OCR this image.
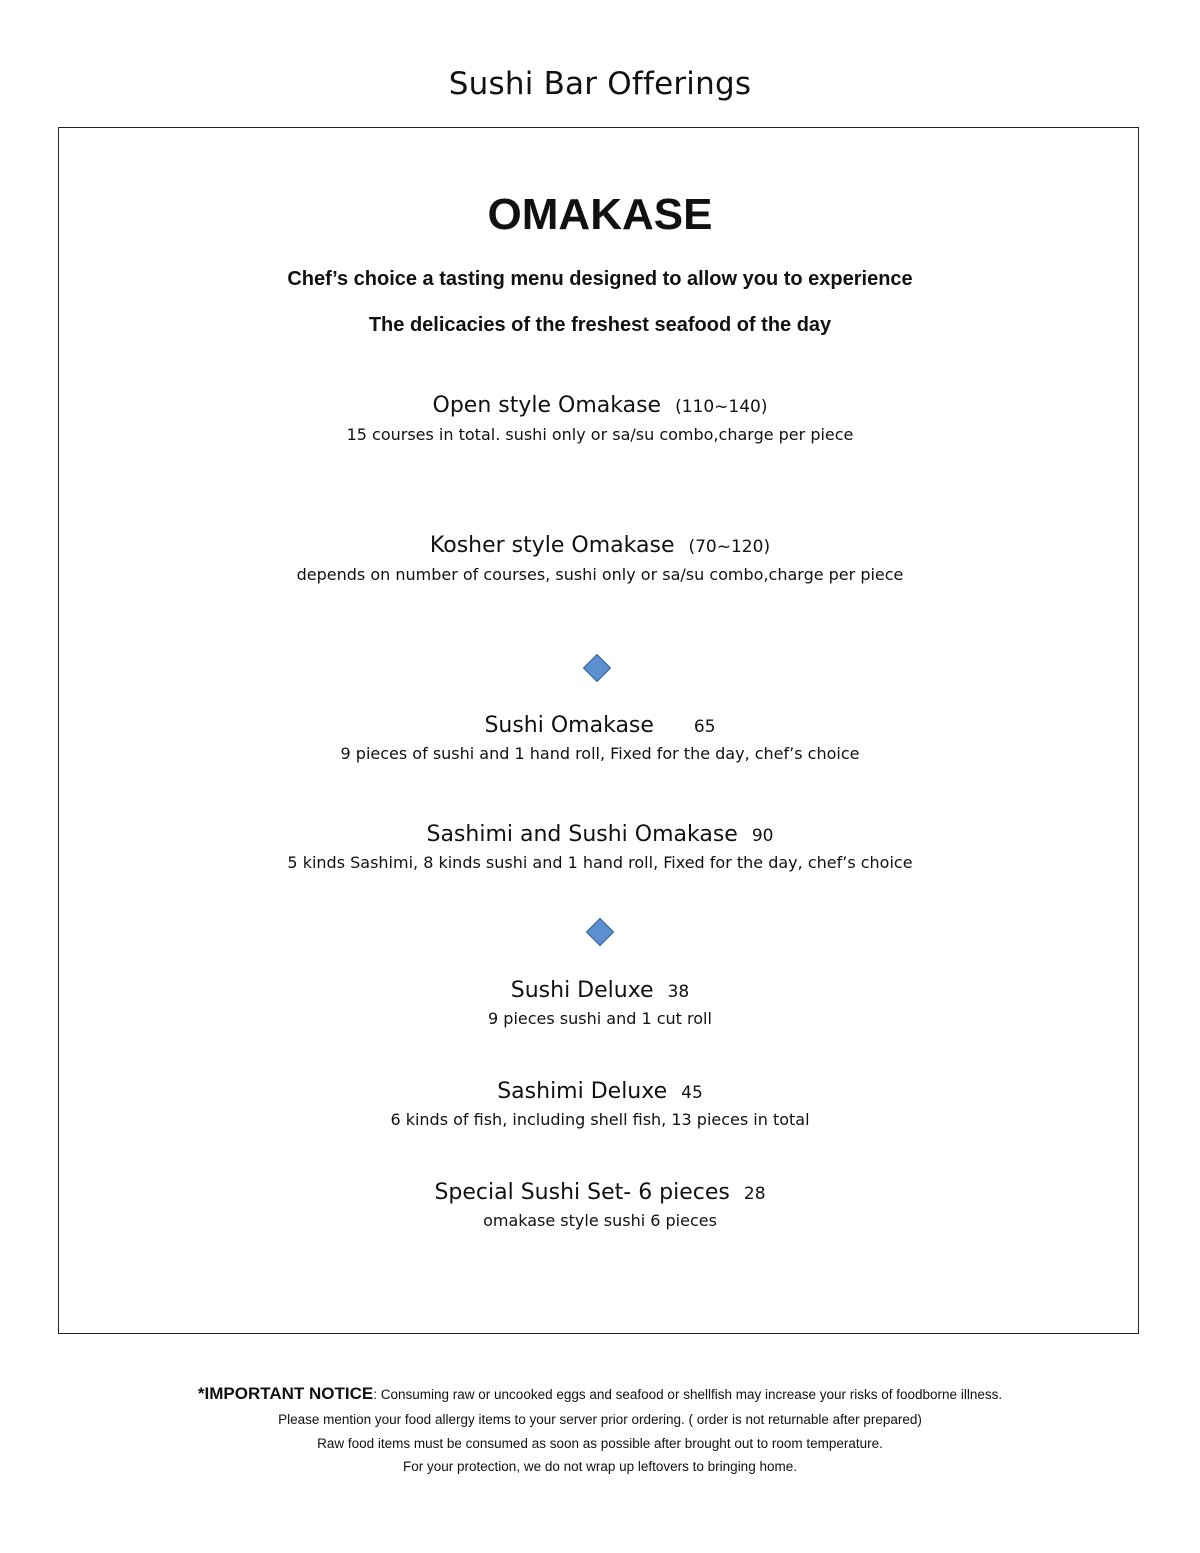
Sushi Bar Offerings
OMAKASE
Chef’s choice a tasting menu designed to allow you to experience
The delicacies of the freshest seafood of the day
Open style Omakase (110~140)
15 courses in total. sushi only or sa/su combo,charge per piece
Kosher style Omakase (70~120)
depends on number of courses, sushi only or sa/su combo,charge per piece
Sushi Omakase 65
9 pieces of sushi and 1 hand roll, Fixed for the day, chef’s choice
Sashimi and Sushi Omakase 90
5 kinds Sashimi, 8 kinds sushi and 1 hand roll, Fixed for the day, chef’s choice
Sushi Deluxe 38
9 pieces sushi and 1 cut roll
Sashimi Deluxe 45
6 kinds of fish, including shell fish, 13 pieces in total
Special Sushi Set- 6 pieces 28
omakase style sushi 6 pieces
*IMPORTANT NOTICE: Consuming raw or uncooked eggs and seafood or shellfish may increase your risks of foodborne illness.
Please mention your food allergy items to your server prior ordering. ( order is not returnable after prepared)
Raw food items must be consumed as soon as possible after brought out to room temperature.
For your protection, we do not wrap up leftovers to bringing home.
